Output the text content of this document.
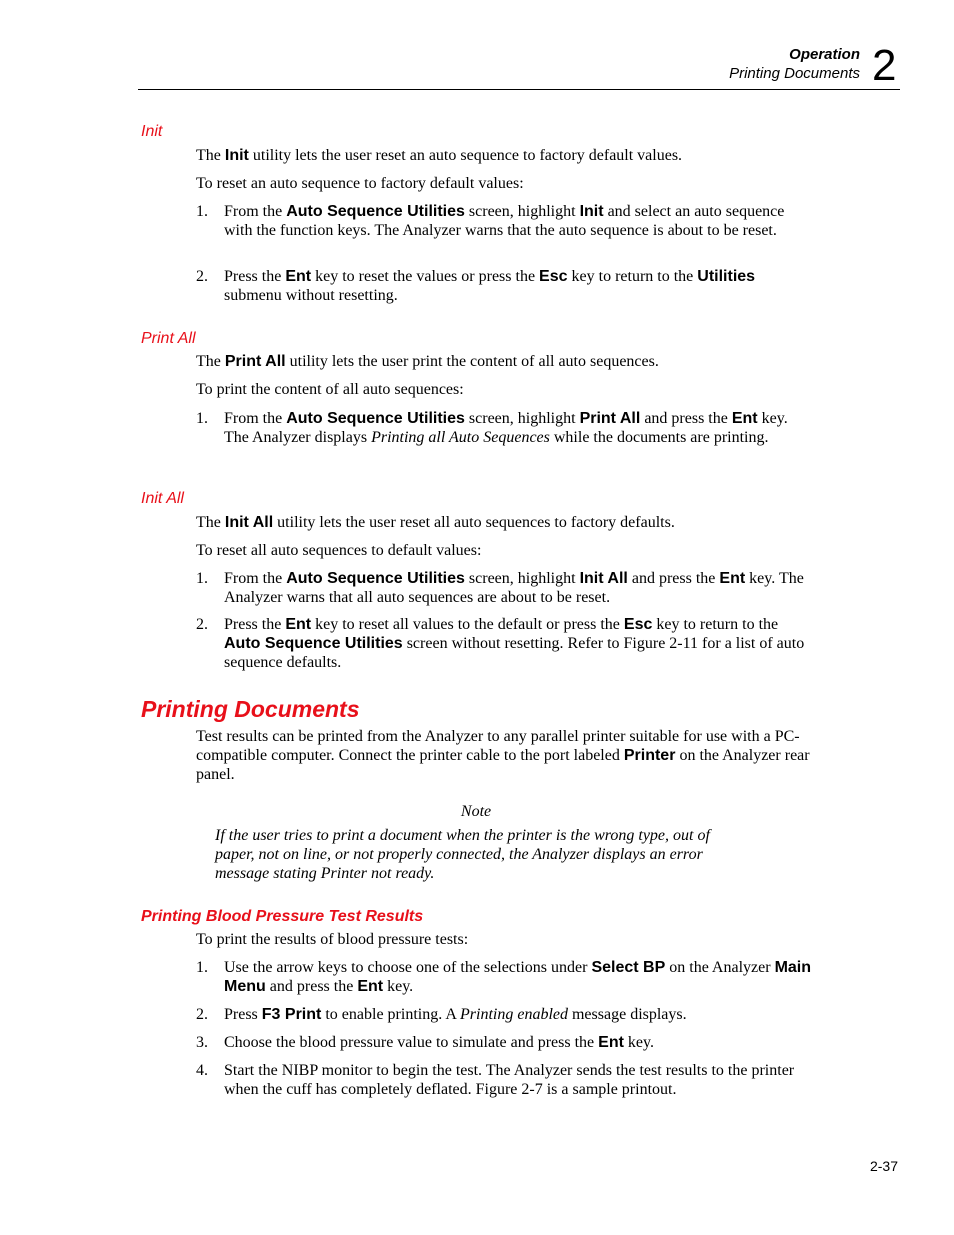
Operation
Printing Documents 2
Init

The Init utility lets the user reset an auto sequence to factory default values.

To reset an auto sequence to factory default values:

1. From the Auto Sequence Utilities screen, highlight Init and select an auto sequence with the function keys. The Analyzer warns that the auto sequence is about to be reset.
2. Press the Ent key to reset the values or press the Esc key to return to the Utilities submenu without resetting.
Print All

The Print All utility lets the user print the content of all auto sequences.

To print the content of all auto sequences:

1. From the Auto Sequence Utilities screen, highlight Print All and press the Ent key. The Analyzer displays Printing all Auto Sequences while the documents are printing.
Init All

The Init All utility lets the user reset all auto sequences to factory defaults.

To reset all auto sequences to default values:

1. From the Auto Sequence Utilities screen, highlight Init All and press the Ent key. The Analyzer warns that all auto sequences are about to be reset.
2. Press the Ent key to reset all values to the default or press the Esc key to return to the Auto Sequence Utilities screen without resetting. Refer to Figure 2-11 for a list of auto sequence defaults.
Printing Documents

Test results can be printed from the Analyzer to any parallel printer suitable for use with a PC-compatible computer. Connect the printer cable to the port labeled Printer on the Analyzer rear panel.

Note
If the user tries to print a document when the printer is the wrong type, out of paper, not on line, or not properly connected, the Analyzer displays an error message stating Printer not ready.
Printing Blood Pressure Test Results

To print the results of blood pressure tests:

1. Use the arrow keys to choose one of the selections under Select BP on the Analyzer Main Menu and press the Ent key.
2. Press F3 Print to enable printing. A Printing enabled message displays.
3. Choose the blood pressure value to simulate and press the Ent key.
4. Start the NIBP monitor to begin the test. The Analyzer sends the test results to the printer when the cuff has completely deflated. Figure 2-7 is a sample printout.
2-37
